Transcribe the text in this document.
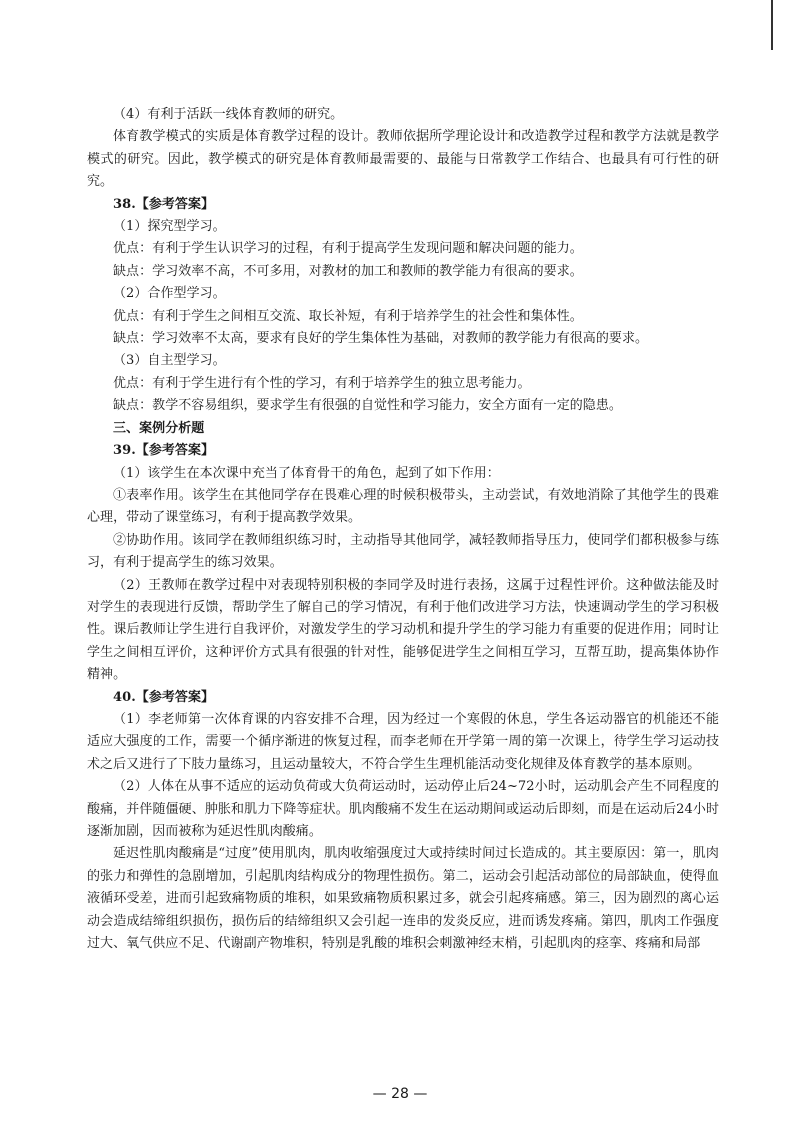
（4）有利于活跃一线体育教师的研究。

体育教学模式的实质是体育教学过程的设计。教师依据所学理论设计和改造教学过程和教学方法就是教学模式的研究。因此，教学模式的研究是体育教师最需要的、最能与日常教学工作结合、也最具有可行性的研究。

38.【参考答案】

（1）探究型学习。

优点：有利于学生认识学习的过程，有利于提高学生发现问题和解决问题的能力。

缺点：学习效率不高，不可多用，对教材的加工和教师的教学能力有很高的要求。

（2）合作型学习。

优点：有利于学生之间相互交流、取长补短，有利于培养学生的社会性和集体性。

缺点：学习效率不太高，要求有良好的学生集体性为基础，对教师的教学能力有很高的要求。

（3）自主型学习。

优点：有利于学生进行有个性的学习，有利于培养学生的独立思考能力。

缺点：教学不容易组织，要求学生有很强的自觉性和学习能力，安全方面有一定的隐患。

三、案例分析题

39.【参考答案】

（1）该学生在本次课中充当了体育骨干的角色，起到了如下作用：

①表率作用。该学生在其他同学存在畏难心理的时候积极带头，主动尝试，有效地消除了其他学生的畏难心理，带动了课堂练习，有利于提高教学效果。

②协助作用。该同学在教师组织练习时，主动指导其他同学，减轻教师指导压力，使同学们都积极参与练习，有利于提高学生的练习效果。

（2）王教师在教学过程中对表现特别积极的李同学及时进行表扬，这属于过程性评价。这种做法能及时对学生的表现进行反馈，帮助学生了解自己的学习情况，有利于他们改进学习方法，快速调动学生的学习积极性。课后教师让学生进行自我评价，对激发学生的学习动机和提升学生的学习能力有重要的促进作用；同时让学生之间相互评价，这种评价方式具有很强的针对性，能够促进学生之间相互学习，互帮互助，提高集体协作精神。

40.【参考答案】

（1）李老师第一次体育课的内容安排不合理，因为经过一个寒假的休息，学生各运动器官的机能还不能适应大强度的工作，需要一个循序渐进的恢复过程，而李老师在开学第一周的第一次课上，待学生学习运动技术之后又进行了下肢力量练习，且运动量较大，不符合学生生理机能活动变化规律及体育教学的基本原则。

（2）人体在从事不适应的运动负荷或大负荷运动时，运动停止后24~72小时，运动肌会产生不同程度的酸痛，并伴随僵硬、肿胀和肌力下降等症状。肌肉酸痛不发生在运动期间或运动后即刻，而是在运动后24小时逐渐加剧，因而被称为延迟性肌肉酸痛。

延迟性肌肉酸痛是“过度”使用肌肉，肌肉收缩强度过大或持续时间过长造成的。其主要原因：第一，肌肉的张力和弹性的急剧增加，引起肌肉结构成分的物理性损伤。第二，运动会引起活动部位的局部缺血，使得血液循环受差，进而引起致痛物质的堆积，如果致痛物质积累过多，就会引起疼痛感。第三，因为剧烈的离心运动会造成结缔组织损伤，损伤后的结缔组织又会引起一连串的发炎反应，进而诱发疼痛。第四，肌肉工作强度过大、氧气供应不足、代谢副产物堆积，特别是乳酸的堆积会刺激神经末梢，引起肌肉的痉挛、疼痛和局部

— 28 —
